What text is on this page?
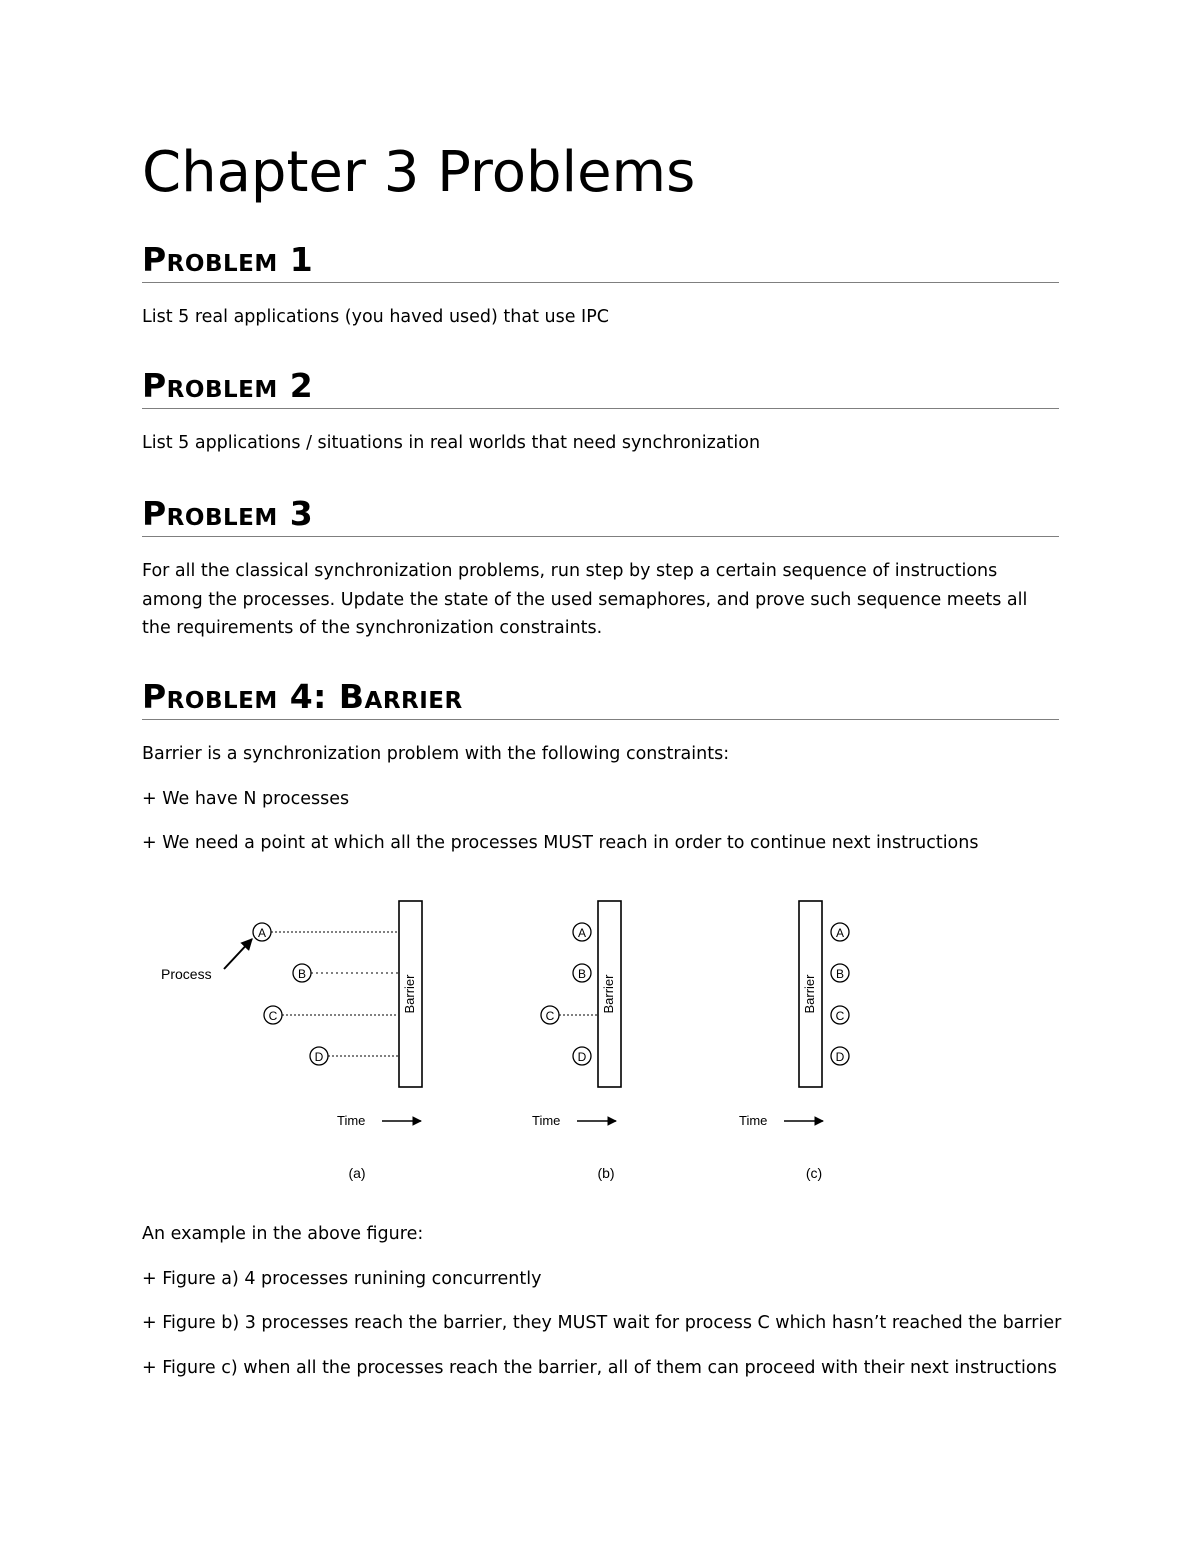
Chapter 3 Problems
Problem 1

List 5 real applications (you haved used) that use IPC

Problem 2

List 5 applications / situations in real worlds that need synchronization

Problem 3

For all the classical synchronization problems, run step by step a certain sequence of instructions among the processes. Update the state of the used semaphores, and prove such sequence meets all the requirements of the synchronization constraints.

Problem 4: Barrier

Barrier is a synchronization problem with the following constraints:

+ We have N processes

+ We need a point at which all the processes MUST reach in order to continue next instructions

Barrier
Process
A
B
C
D
Time
(a)
Barrier
A
B
C
D
Time
(b)
Barrier
A
B
C
D
Time
(c)

An example in the above figure:

+ Figure a) 4 processes runining concurrently

+ Figure b) 3 processes reach the barrier, they MUST wait for process C which hasn’t reached the barrier

+ Figure c) when all the processes reach the barrier, all of them can proceed with their next instructions
